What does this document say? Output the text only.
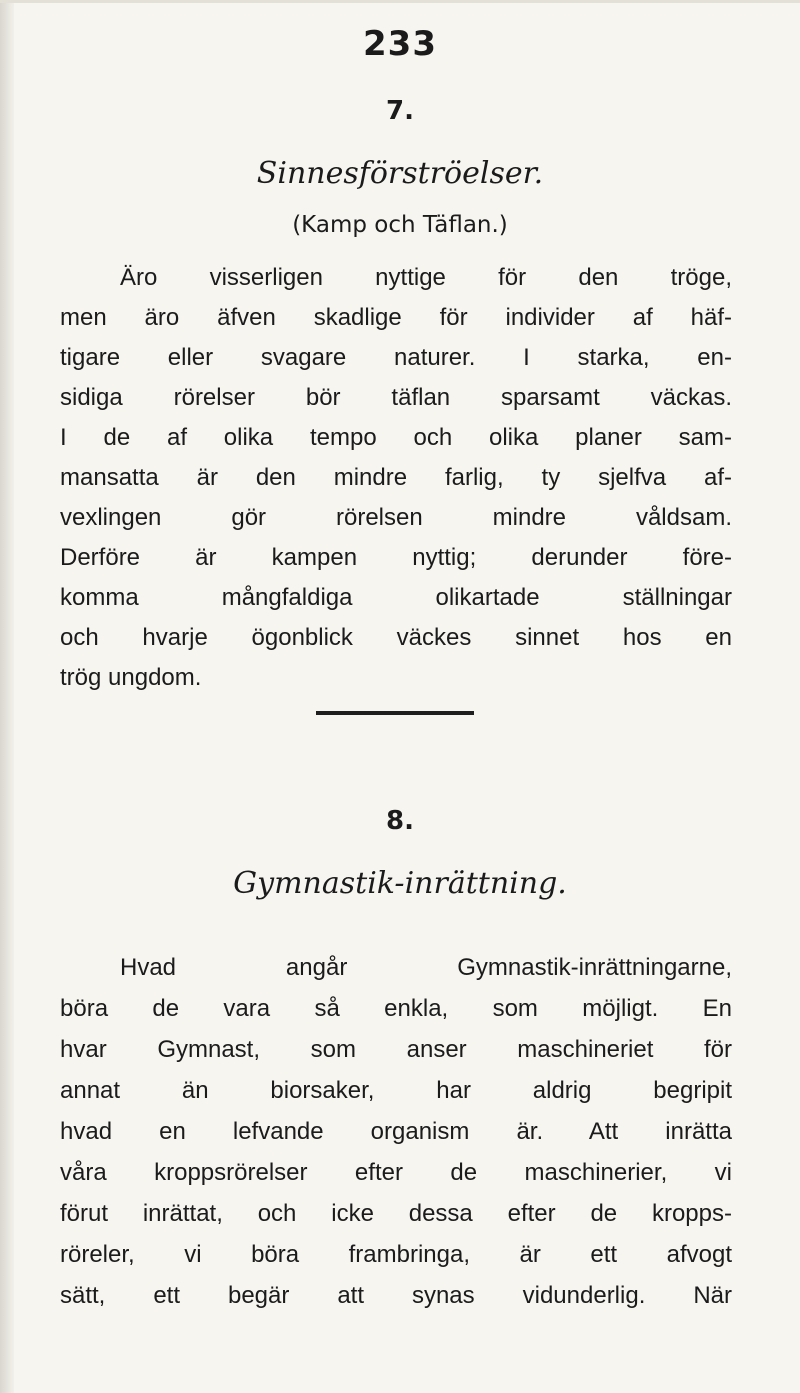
233
7.
Sinnesförströelser.
(Kamp och Täflan.)
Äro visserligen nyttige för den tröge,
men äro äfven skadlige för individer af häf-
tigare eller svagare naturer. I starka, en-
sidiga rörelser bör täflan sparsamt väckas.
I de af olika tempo och olika planer sam-
mansatta är den mindre farlig, ty sjelfva af-
vexlingen gör rörelsen mindre våldsam.
Derföre är kampen nyttig; derunder före-
komma mångfaldiga olikartade ställningar
och hvarje ögonblick väckes sinnet hos en
trög ungdom.
8.
Gymnastik-inrättning.
Hvad angår Gymnastik-inrättningarne,
böra de vara så enkla, som möjligt. En
hvar Gymnast, som anser maschineriet för
annat än biorsaker, har aldrig begripit
hvad en lefvande organism är. Att inrätta
våra kroppsrörelser efter de maschinerier, vi
förut inrättat, och icke dessa efter de kropps-
röreler, vi böra frambringa, är ett afvogt
sätt, ett begär att synas vidunderlig. När
